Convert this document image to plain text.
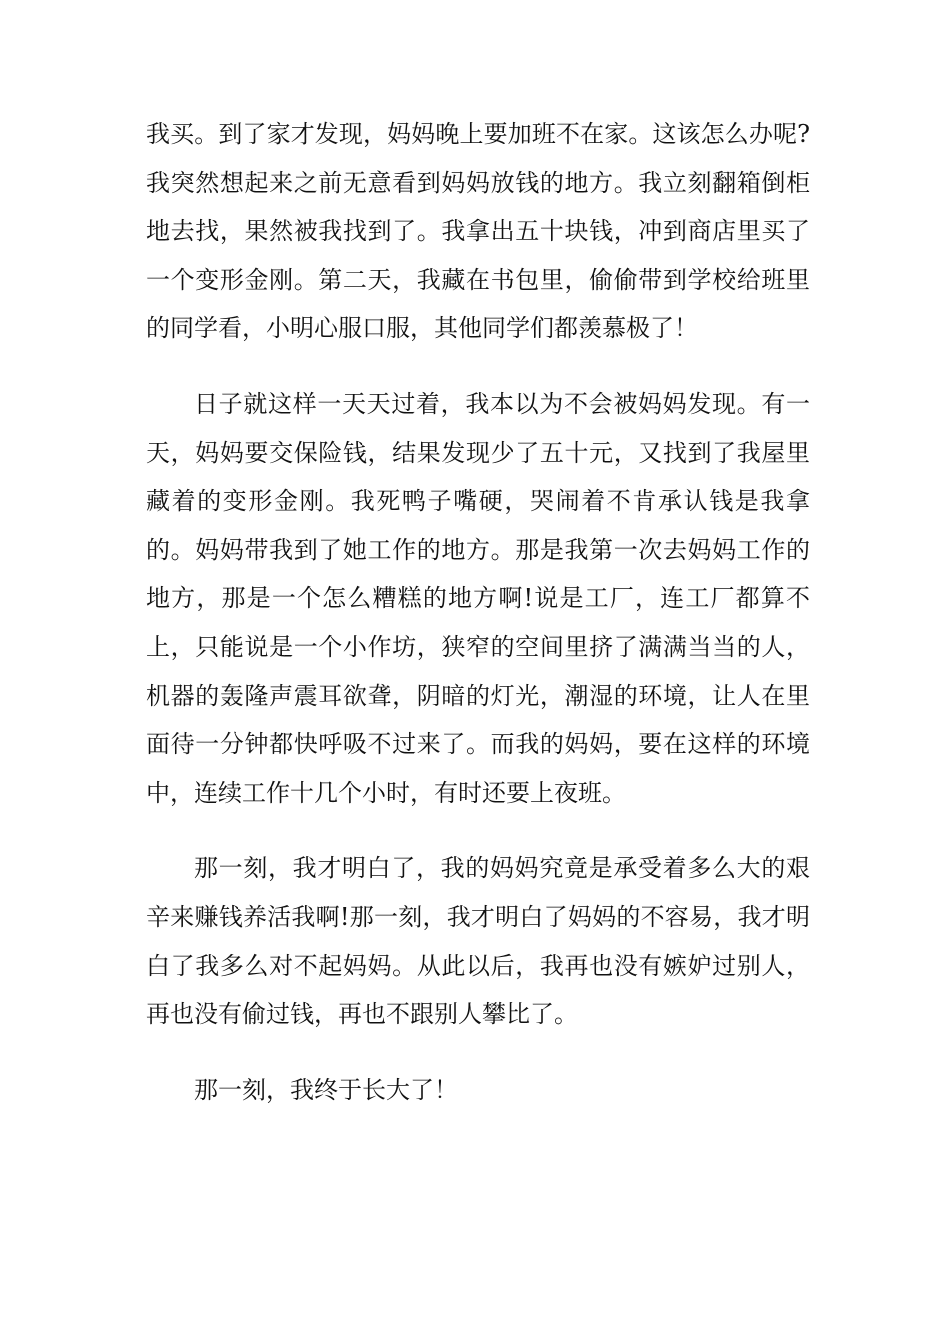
我买。到了家才发现，妈妈晚上要加班不在家。这该怎么办呢?我突然想起来之前无意看到妈妈放钱的地方。我立刻翻箱倒柜地去找，果然被我找到了。我拿出五十块钱，冲到商店里买了一个变形金刚。第二天，我藏在书包里，偷偷带到学校给班里的同学看，小明心服口服，其他同学们都羡慕极了！

日子就这样一天天过着，我本以为不会被妈妈发现。有一天，妈妈要交保险钱，结果发现少了五十元，又找到了我屋里藏着的变形金刚。我死鸭子嘴硬，哭闹着不肯承认钱是我拿的。妈妈带我到了她工作的地方。那是我第一次去妈妈工作的地方，那是一个怎么糟糕的地方啊!说是工厂，连工厂都算不上，只能说是一个小作坊，狭窄的空间里挤了满满当当的人，机器的轰隆声震耳欲聋，阴暗的灯光，潮湿的环境，让人在里面待一分钟都快呼吸不过来了。而我的妈妈，要在这样的环境中，连续工作十几个小时，有时还要上夜班。

那一刻，我才明白了，我的妈妈究竟是承受着多么大的艰辛来赚钱养活我啊!那一刻，我才明白了妈妈的不容易，我才明白了我多么对不起妈妈。从此以后，我再也没有嫉妒过别人，再也没有偷过钱，再也不跟别人攀比了。

那一刻，我终于长大了！
